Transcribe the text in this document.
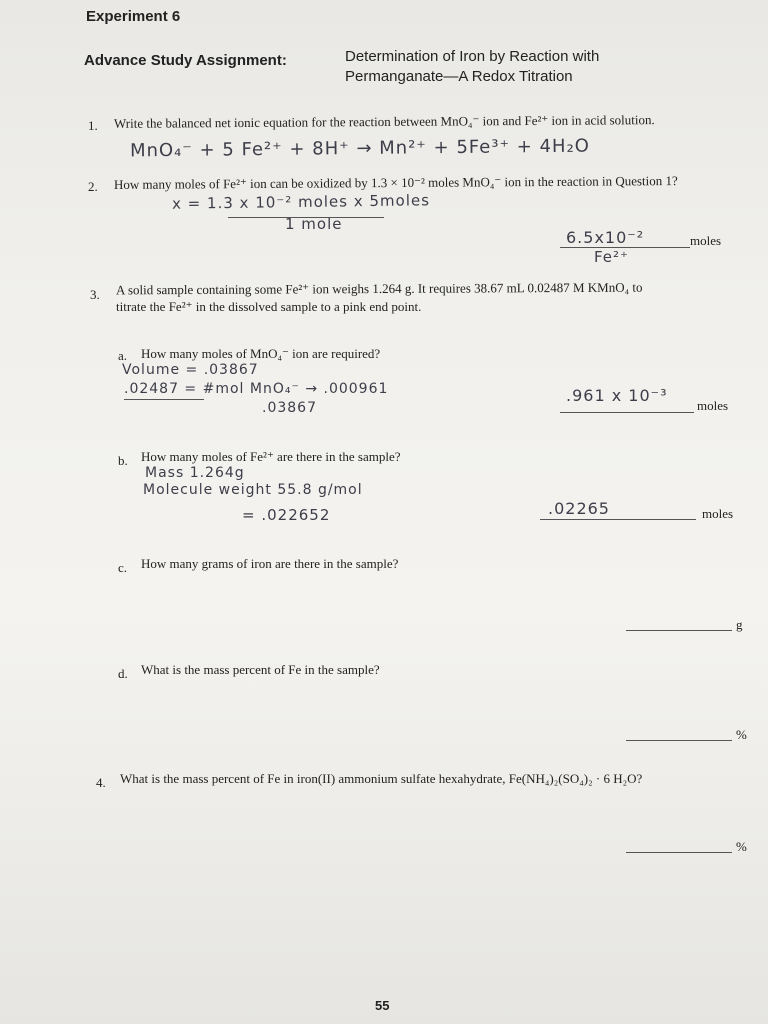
Experiment 6
Advance Study Assignment:	Determination of Iron by Reaction with
Permanganate—A Redox Titration
1. Write the balanced net ionic equation for the reaction between MnO₄⁻ ion and Fe²⁺ ion in acid solution.
MnO₄⁻ + 5 Fe²⁺ + 8H⁺ → Mn²⁺ + 5Fe³⁺ + 4H₂O
2. How many moles of Fe²⁺ ion can be oxidized by 1.3 × 10⁻² moles MnO₄⁻ ion in the reaction in Question 1?
x = 1.3 x 10⁻² moles x 5moles
1 mole
6.5x10⁻²	moles
Fe²⁺
3. A solid sample containing some Fe²⁺ ion weighs 1.264 g. It requires 38.67 mL 0.02487 M KMnO₄ to
titrate the Fe²⁺ in the dissolved sample to a pink end point.
a. How many moles of MnO₄⁻ ion are required?
Volume = .03867
.02487 = #mol MnO₄⁻ → .000961
.03867
.961 x 10⁻³
moles
b. How many moles of Fe²⁺ are there in the sample?
Mass 1.264g
Molecule weight 55.8 g/mol
= .022652	.02265	moles
c. How many grams of iron are there in the sample?
g
d. What is the mass percent of Fe in the sample?
%
4. What is the mass percent of Fe in iron(II) ammonium sulfate hexahydrate, Fe(NH₄)₂(SO₄)₂ · 6 H₂O?
%
55
